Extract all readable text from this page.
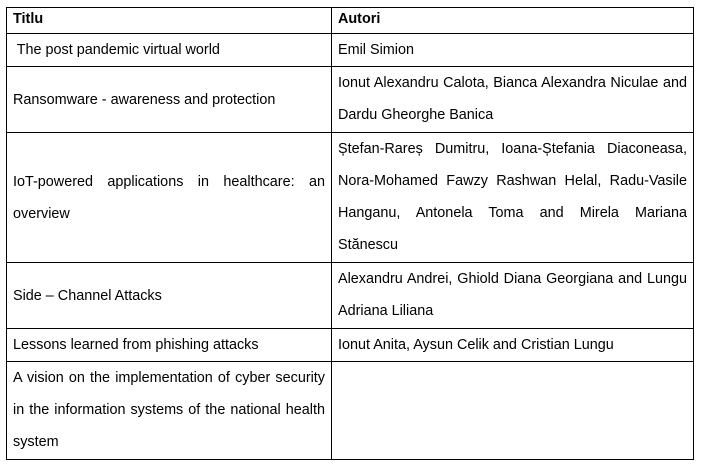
Titlu	Autori
The post pandemic virtual world	Emil Simion
Ransomware - awareness and protection	Ionut Alexandru Calota, Bianca Alexandra Niculae and Dardu Gheorghe Banica
IoT-powered applications in healthcare: an overview	Ștefan-Rareș Dumitru, Ioana-Ștefania Diaconeasa, Nora-Mohamed Fawzy Rashwan Helal, Radu-Vasile Hanganu, Antonela Toma and Mirela Mariana Stănescu
Side – Channel Attacks	Alexandru Andrei, Ghiold Diana Georgiana and Lungu Adriana Liliana
Lessons learned from phishing attacks	Ionut Anita, Aysun Celik and Cristian Lungu
A vision on the implementation of cyber security in the information systems of the national health system	
